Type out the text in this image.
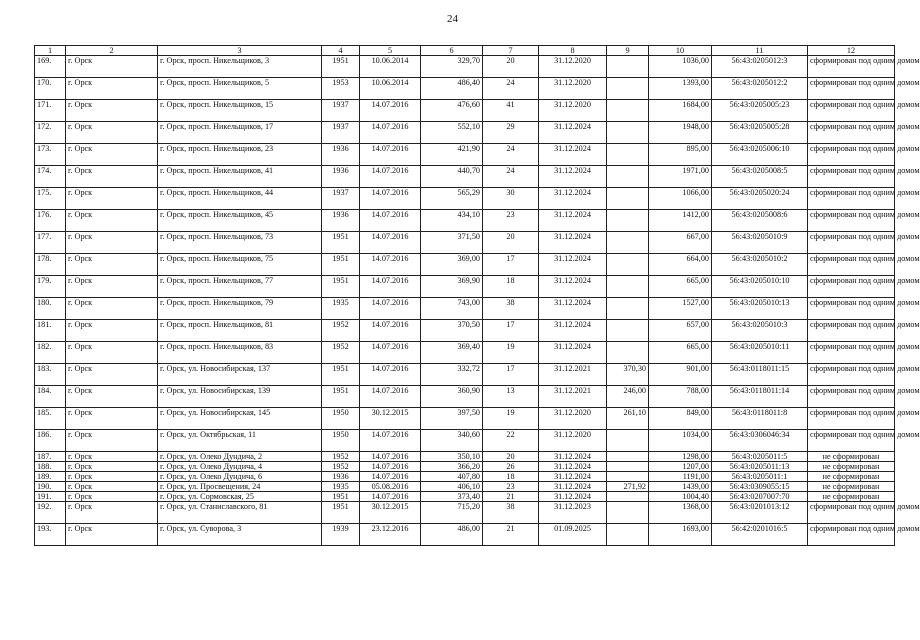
24
1	2	3	4	5	6	7	8	9	10	11	12
169.	г. Орск	г. Орск, просп. Никельщиков, 3	1951	10.06.2014	329,70	20	31.12.2020		1036,00	56:43:0205012:3	сформирован под одним домом
170.	г. Орск	г. Орск, просп. Никельщиков, 5	1953	10.06.2014	486,40	24	31.12.2020		1393,00	56:43:0205012:2	сформирован под одним домом
171.	г. Орск	г. Орск, просп. Никельщиков, 15	1937	14.07.2016	476,60	41	31.12.2020		1684,00	56:43:0205005:23	сформирован под одним домом
172.	г. Орск	г. Орск, просп. Никельщиков, 17	1937	14.07.2016	552,10	29	31.12.2024		1948,00	56:43:0205005:28	сформирован под одним домом
173.	г. Орск	г. Орск, просп. Никельщиков, 23	1936	14.07.2016	421,90	24	31.12.2024		895,00	56:43:0205006:10	сформирован под одним домом
174.	г. Орск	г. Орск, просп. Никельщиков, 41	1936	14.07.2016	440,70	24	31.12.2024		1971,00	56:43:0205008:5	сформирован под одним домом
175.	г. Орск	г. Орск, просп. Никельщиков, 44	1937	14.07.2016	565,29	30	31.12.2024		1066,00	56:43:0205020:24	сформирован под одним домом
176.	г. Орск	г. Орск, просп. Никельщиков, 45	1936	14.07.2016	434,10	23	31.12.2024		1412,00	56:43:0205008:6	сформирован под одним домом
177.	г. Орск	г. Орск, просп. Никельщиков, 73	1951	14.07.2016	371,50	20	31.12.2024		667,00	56:43:0205010:9	сформирован под одним домом
178.	г. Орск	г. Орск, просп. Никельщиков, 75	1951	14.07.2016	369,00	17	31.12.2024		664,00	56:43:0205010:2	сформирован под одним домом
179.	г. Орск	г. Орск, просп. Никельщиков, 77	1951	14.07.2016	369,90	18	31.12.2024		665,00	56:43:0205010:10	сформирован под одним домом
180.	г. Орск	г. Орск, просп. Никельщиков, 79	1935	14.07.2016	743,00	38	31.12.2024		1527,00	56:43:0205010:13	сформирован под одним домом
181.	г. Орск	г. Орск, просп. Никельщиков, 81	1952	14.07.2016	370,50	17	31.12.2024		657,00	56:43:0205010:3	сформирован под одним домом
182.	г. Орск	г. Орск, просп. Никельщиков, 83	1952	14.07.2016	369,40	19	31.12.2024		665,00	56:43:0205010:11	сформирован под одним домом
183.	г. Орск	г. Орск, ул. Новосибирская, 137	1951	14.07.2016	332,72	17	31.12.2021	370,30	901,00	56:43:0118011:15	сформирован под одним домом
184.	г. Орск	г. Орск, ул. Новосибирская, 139	1951	14.07.2016	360,90	13	31.12.2021	246,00	788,00	56:43:0118011:14	сформирован под одним домом
185.	г. Орск	г. Орск, ул. Новосибирская, 145	1950	30.12.2015	397,50	19	31.12.2020	261,10	849,00	56:43:0118011:8	сформирован под одним домом
186.	г. Орск	г. Орск, ул. Октябрьская, 11	1950	14.07.2016	340,60	22	31.12.2020		1034,00	56:43:0306046:34	сформирован под одним домом
187.	г. Орск	г. Орск, ул. Олеко Дундича, 2	1952	14.07.2016	350,10	20	31.12.2024		1298,00	56:43:0205011:5	не сформирован
188.	г. Орск	г. Орск, ул. Олеко Дундича, 4	1952	14.07.2016	366,20	26	31.12.2024		1207,00	56:43:0205011:13	не сформирован
189.	г. Орск	г. Орск, ул. Олеко Дундича, 6	1936	14.07.2016	407,80	18	31.12.2024		1191,00	56:43:0205011:1	не сформирован
190.	г. Орск	г. Орск, ул. Просвещения, 24	1935	05.08.2016	406,10	23	31.12.2024	271,92	1439,00	56:43:0309055:15	не сформирован
191.	г. Орск	г. Орск, ул. Сормовская, 25	1951	14.07.2016	373,40	21	31.12.2024		1004,40	56:43:0207007:70	не сформирован
192.	г. Орск	г. Орск, ул. Стaниславского, 81	1951	30.12.2015	715,20	38	31.12.2023		1368,00	56:43:0201013:12	сформирован под одним домом
193.	г. Орск	г. Орск, ул. Суворова, 3	1939	23.12.2016	486,00	21	01.09.2025		1693,00	56:42:0201016:5	сформирован под одним домом
